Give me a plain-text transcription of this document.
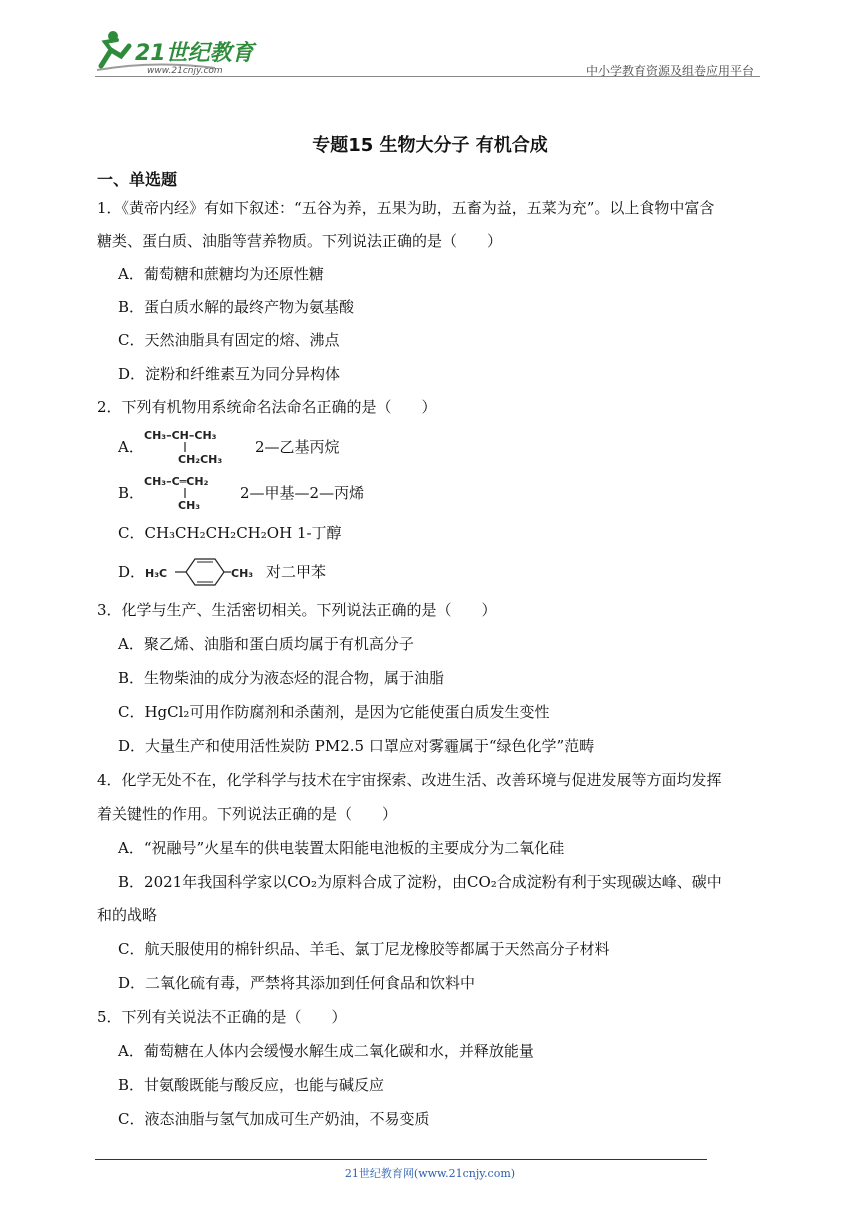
21世纪教育
www.21cnjy.com	中小学教育资源及组卷应用平台
专题15 生物大分子 有机合成
一、单选题
1．《黄帝内经》有如下叙述：“五谷为养，五果为助，五畜为益，五菜为充”。以上食物中富含
糖类、蛋白质、油脂等营养物质。下列说法正确的是（　　）
A．葡萄糖和蔗糖均为还原性糖
B．蛋白质水解的最终产物为氨基酸
C．天然油脂具有固定的熔、沸点
D．淀粉和纤维素互为同分异构体
2．下列有机物用系统命名法命名正确的是（　　）
A．
CH₃–CH–CH₃
CH₂CH₃
2—乙基丙烷
B．
CH₃–C═CH₂
CH₃
2—甲基—2—丙烯
C．CH₃CH₂CH₂CH₂OH 1-丁醇
D． H₃C	CH₃ 对二甲苯
3．化学与生产、生活密切相关。下列说法正确的是（　　）
A．聚乙烯、油脂和蛋白质均属于有机高分子
B．生物柴油的成分为液态烃的混合物，属于油脂
C．HgCl₂可用作防腐剂和杀菌剂，是因为它能使蛋白质发生变性
D．大量生产和使用活性炭防 PM2.5 口罩应对雾霾属于“绿色化学”范畴
4．化学无处不在，化学科学与技术在宇宙探索、改进生活、改善环境与促进发展等方面均发挥
着关键性的作用。下列说法正确的是（　　）
A．“祝融号”火星车的供电装置太阳能电池板的主要成分为二氧化硅
B．2021年我国科学家以CO₂为原料合成了淀粉，由CO₂合成淀粉有利于实现碳达峰、碳中
和的战略
C．航天服使用的棉针织品、羊毛、氯丁尼龙橡胶等都属于天然高分子材料
D．二氧化硫有毒，严禁将其添加到任何食品和饮料中
5．下列有关说法不正确的是（　　）
A．葡萄糖在人体内会缓慢水解生成二氧化碳和水，并释放能量
B．甘氨酸既能与酸反应，也能与碱反应
C．液态油脂与氢气加成可生产奶油，不易变质
21世纪教育网(www.21cnjy.com)
